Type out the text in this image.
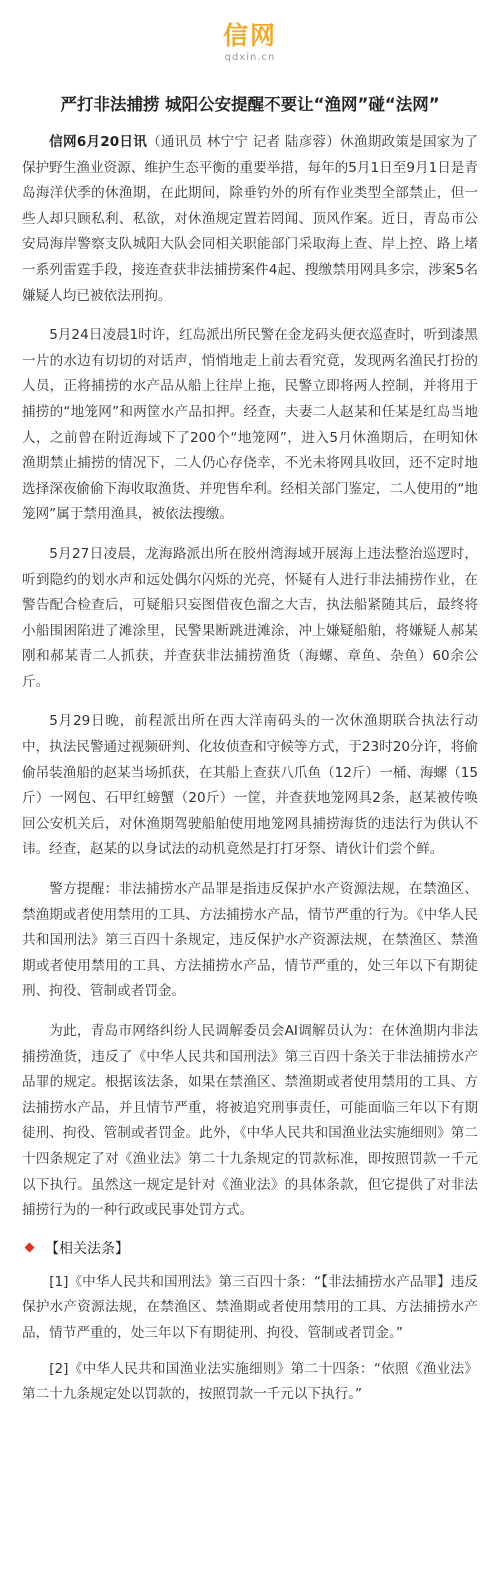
信网
qdxin.cn
严打非法捕捞 城阳公安提醒不要让“渔网”碰“法网”

信网6月20日讯（通讯员 林宁宁 记者 陆彦蓉）休渔期政策是国家为了保护野生渔业资源、维护生态平衡的重要举措，每年的5月1日至9月1日是青岛海洋伏季的休渔期，在此期间，除垂钓外的所有作业类型全部禁止，但一些人却只顾私利、私欲，对休渔规定置若罔闻、顶风作案。近日，青岛市公安局海岸警察支队城阳大队会同相关职能部门采取海上查、岸上控、路上堵一系列雷霆手段，接连查获非法捕捞案件4起、搜缴禁用网具多宗，涉案5名嫌疑人均已被依法刑拘。

5月24日凌晨1时许，红岛派出所民警在金龙码头便衣巡查时，听到漆黑一片的水边有切切的对话声，悄悄地走上前去看究竟，发现两名渔民打扮的人员，正将捕捞的水产品从船上往岸上拖，民警立即将两人控制，并将用于捕捞的“地笼网”和两筐水产品扣押。经查，夫妻二人赵某和任某是红岛当地人，之前曾在附近海域下了200个“地笼网”，进入5月休渔期后，在明知休渔期禁止捕捞的情况下，二人仍心存侥幸，不光未将网具收回，还不定时地选择深夜偷偷下海收取渔货、并兜售牟利。经相关部门鉴定，二人使用的“地笼网”属于禁用渔具，被依法搜缴。

5月27日凌晨，龙海路派出所在胶州湾海域开展海上违法整治巡逻时，听到隐约的划水声和远处偶尔闪烁的光亮，怀疑有人进行非法捕捞作业，在警告配合检查后，可疑船只妄图借夜色溜之大吉，执法船紧随其后，最终将小船围困陷进了滩涂里，民警果断跳进滩涂，冲上嫌疑船舶，将嫌疑人郝某刚和郝某青二人抓获，并查获非法捕捞渔货（海螺、章鱼、杂鱼）60余公斤。

5月29日晚，前程派出所在西大洋南码头的一次休渔期联合执法行动中，执法民警通过视频研判、化妆侦查和守候等方式，于23时20分许，将偷偷吊装渔船的赵某当场抓获，在其船上查获八爪鱼（12斤）一桶、海螺（15斤）一网包、石甲红螃蟹（20斤）一筐，并查获地笼网具2条，赵某被传唤回公安机关后，对休渔期驾驶船舶使用地笼网具捕捞海货的违法行为供认不讳。经查，赵某的以身试法的动机竟然是打打牙祭、请伙计们尝个鲜。

警方提醒：非法捕捞水产品罪是指违反保护水产资源法规，在禁渔区、禁渔期或者使用禁用的工具、方法捕捞水产品，情节严重的行为。《中华人民共和国刑法》第三百四十条规定，违反保护水产资源法规，在禁渔区、禁渔期或者使用禁用的工具、方法捕捞水产品，情节严重的，处三年以下有期徒刑、拘役、管制或者罚金。

为此，青岛市网络纠纷人民调解委员会AI调解员认为：在休渔期内非法捕捞渔货，违反了《中华人民共和国刑法》第三百四十条关于非法捕捞水产品罪的规定。根据该法条，如果在禁渔区、禁渔期或者使用禁用的工具、方法捕捞水产品，并且情节严重，将被追究刑事责任，可能面临三年以下有期徒刑、拘役、管制或者罚金。此外，《中华人民共和国渔业法实施细则》第二十四条规定了对《渔业法》第二十九条规定的罚款标准，即按照罚款一千元以下执行。虽然这一规定是针对《渔业法》的具体条款，但它提供了对非法捕捞行为的一种行政或民事处罚方式。

【相关法条】

[1]《中华人民共和国刑法》第三百四十条：“【非法捕捞水产品罪】违反保护水产资源法规，在禁渔区、禁渔期或者使用禁用的工具、方法捕捞水产品，情节严重的，处三年以下有期徒刑、拘役、管制或者罚金。”

[2]《中华人民共和国渔业法实施细则》第二十四条：“依照《渔业法》第二十九条规定处以罚款的，按照罚款一千元以下执行。”
